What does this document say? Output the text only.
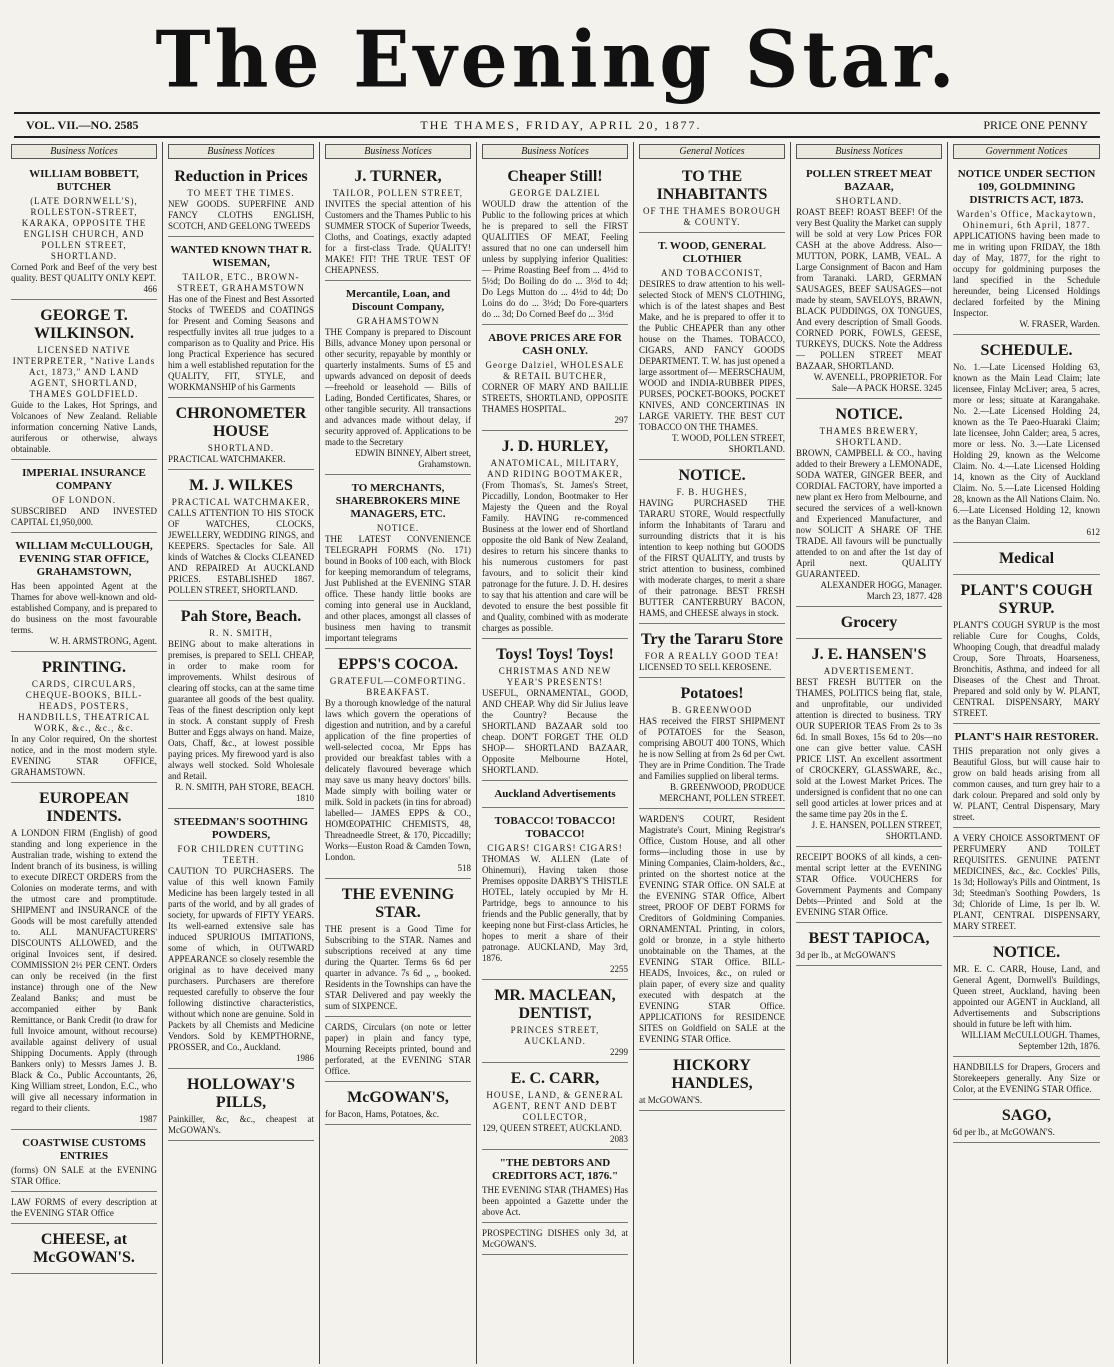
The Evening Star.
VOL. VII.—NO. 2585	THE THAMES, FRIDAY, APRIL 20, 1877.	PRICE ONE PENNY
Business Notices
WILLIAM BOBBETT, BUTCHER
(LATE DORNWELL'S), ROLLESTON-STREET, KARAKA, OPPOSITE THE ENGLISH CHURCH, AND POLLEN STREET, SHORTLAND.
Corned Pork and Beef of the very best quality. BEST QUALITY ONLY KEPT.
466
GEORGE T. WILKINSON.
LICENSED NATIVE INTERPRETER, "Native Lands Act, 1873," AND LAND AGENT, SHORTLAND, THAMES GOLDFIELD.
Guide to the Lakes, Hot Springs, and Volcanoes of New Zealand. Reliable information concerning Native Lands, auriferous or otherwise, always obtainable.
IMPERIAL INSURANCE COMPANY
OF LONDON.
SUBSCRIBED AND INVESTED CAPITAL £1,950,000.
WILLIAM McCULLOUGH, EVENING STAR OFFICE, GRAHAMSTOWN,
Has been appointed Agent at the Thames for above well-known and old-established Company, and is prepared to do business on the most favourable terms.
W. H. ARMSTRONG, Agent.
PRINTING.
CARDS, CIRCULARS, CHEQUE-BOOKS, BILL-HEADS, POSTERS, HANDBILLS, THEATRICAL WORK, &c., &c., &c.
In any Color required, On the shortest notice, and in the most modern style. EVENING STAR OFFICE, GRAHAMSTOWN.
EUROPEAN INDENTS.
A LONDON FIRM (English) of good standing and long experience in the Australian trade, wishing to extend the Indent branch of its business, is willing to execute DIRECT ORDERS from the Colonies on moderate terms, and with the utmost care and promptitude. SHIPMENT and INSURANCE of the Goods will be most carefully attended to. ALL MANUFACTURERS' DISCOUNTS ALLOWED, and the original Invoices sent, if desired. COMMISSION 2½ PER CENT. Orders can only be received (in the first instance) through one of the New Zealand Banks; and must be accompanied either by Bank Remittance, or Bank Credit (to draw for full Invoice amount, without recourse) available against delivery of usual Shipping Documents. Apply (through Bankers only) to Messrs James J. B. Black & Co., Public Accountants, 26, King William street, London, E.C., who will give all necessary information in regard to their clients.
1987
COASTWISE CUSTOMS ENTRIES
(forms) ON SALE at the EVENING STAR Office.
LAW FORMS of every description at the EVENING STAR Office
CHEESE, at McGOWAN'S.
Business Notices
Reduction in Prices
TO MEET THE TIMES.
NEW GOODS. SUPERFINE AND FANCY CLOTHS ENGLISH, SCOTCH, AND GEELONG TWEEDS
WANTED KNOWN THAT R. WISEMAN,
TAILOR, ETC., BROWN-STREET, GRAHAMSTOWN
Has one of the Finest and Best Assorted Stocks of TWEEDS and COATINGS for Present and Coming Seasons and respectfully invites all true judges to a comparison as to Quality and Price. His long Practical Experience has secured him a well established reputation for the QUALITY, FIT, STYLE, and WORKMANSHIP of his Garments
CHRONOMETER HOUSE
SHORTLAND.
PRACTICAL WATCHMAKER.
M. J. WILKES
PRACTICAL WATCHMAKER,
CALLS ATTENTION TO HIS STOCK OF WATCHES, CLOCKS, JEWELLERY, WEDDING RINGS, and KEEPERS. Spectacles for Sale. All kinds of Watches & Clocks CLEANED AND REPAIRED At AUCKLAND PRICES. ESTABLISHED 1867. POLLEN STREET, SHORTLAND.
Pah Store, Beach.
R. N. SMITH,
BEING about to make alterations in premises, is prepared to SELL CHEAP, in order to make room for improvements. Whilst desirous of clearing off stocks, can at the same time guarantee all goods of the best quality. Teas of the finest description only kept in stock. A constant supply of Fresh Butter and Eggs always on hand. Maize, Oats, Chaff, &c., at lowest possible paying prices. My firewood yard is also always well stocked. Sold Wholesale and Retail.
R. N. SMITH, PAH STORE, BEACH. 1810
STEEDMAN'S SOOTHING POWDERS,
FOR CHILDREN CUTTING TEETH.
CAUTION TO PURCHASERS. The value of this well known Family Medicine has been largely tested in all parts of the world, and by all grades of society, for upwards of FIFTY YEARS. Its well-earned extensive sale has induced SPURIOUS IMITATIONS, some of which, in OUTWARD APPEARANCE so closely resemble the original as to have deceived many purchasers. Purchasers are therefore requested carefully to observe the four following distinctive characteristics, without which none are genuine. Sold in Packets by all Chemists and Medicine Vendors. Sold by KEMPTHORNE, PROSSER, and Co., Auckland.
1986
HOLLOWAY'S PILLS,
Painkiller, &c, &c., cheapest at McGOWAN's.
Business Notices
J. TURNER,
TAILOR, POLLEN STREET,
INVITES the special attention of his Customers and the Thames Public to his SUMMER STOCK of Superior Tweeds, Cloths, and Coatings, exactly adapted for a first-class Trade. QUALITY! MAKE! FIT! THE TRUE TEST OF CHEAPNESS.
Mercantile, Loan, and Discount Company,
GRAHAMSTOWN
THE Company is prepared to Discount Bills, advance Money upon personal or other security, repayable by monthly or quarterly instalments. Sums of £5 and upwards advanced on deposit of deeds—freehold or leasehold — Bills of Lading, Bonded Certificates, Shares, or other tangible security. All transactions and advances made without delay, if security approved of. Applications to be made to the Secretary
EDWIN BINNEY, Albert street, Grahamstown.
TO MERCHANTS, SHAREBROKERS MINE MANAGERS, ETC.
NOTICE.
THE LATEST CONVENIENCE TELEGRAPH FORMS (No. 171) bound in Books of 100 each, with Block for keeping memorandum of telegrams, Just Published at the EVENING STAR office. These handy little books are coming into general use in Auckland, and other places, amongst all classes of business men having to transmit important telegrams
EPPS'S COCOA.
GRATEFUL—COMFORTING. BREAKFAST.
By a thorough knowledge of the natural laws which govern the operations of digestion and nutrition, and by a careful application of the fine properties of well-selected cocoa, Mr Epps has provided our breakfast tables with a delicately flavoured beverage which may save us many heavy doctors' bills. Made simply with boiling water or milk. Sold in packets (in tins for abroad) labelled— JAMES EPPS & CO., HOMŒOPATHIC CHEMISTS, 48, Threadneedle Street, & 170, Piccadilly; Works—Euston Road & Camden Town, London.
518
THE EVENING STAR.
THE present is a Good Time for Subscribing to the STAR. Names and subscriptions received at any time during the Quarter. Terms 6s 6d per quarter in advance. 7s 6d „ „ booked. Residents in the Townships can have the STAR Delivered and pay weekly the sum of SIXPENCE.
CARDS, Circulars (on note or letter paper) in plain and fancy type, Mourning Receipts printed, bound and perforated, at the EVENING STAR Office.
McGOWAN'S,
for Bacon, Hams, Potatoes, &c.
Business Notices
Cheaper Still!
GEORGE DALZIEL
WOULD draw the attention of the Public to the following prices at which he is prepared to sell the FIRST QUALITIES OF MEAT, Feeling assured that no one can undersell him unless by supplying inferior Qualities:— Prime Roasting Beef from ... 4½d to 5½d; Do Boiling do do ... 3½d to 4d; Do Legs Mutton do ... 4½d to 4d; Do Loins do do ... 3½d; Do Fore-quarters do ... 3d; Do Corned Beef do ... 3½d
ABOVE PRICES ARE FOR CASH ONLY.
George Dalziel, WHOLESALE & RETAIL BUTCHER,
CORNER OF MARY AND BAILLIE STREETS, SHORTLAND, OPPOSITE THAMES HOSPITAL.
297
J. D. HURLEY,
ANATOMICAL, MILITARY, AND RIDING BOOTMAKER,
(From Thomas's, St. James's Street, Piccadilly, London, Bootmaker to Her Majesty the Queen and the Royal Family. HAVING re-commenced Business at the lower end of Shortland opposite the old Bank of New Zealand, desires to return his sincere thanks to his numerous customers for past favours, and to solicit their kind patronage for the future. J. D. H. desires to say that his attention and care will be devoted to ensure the best possible fit and Quality, combined with as moderate charges as possible.
Toys! Toys! Toys!
CHRISTMAS AND NEW YEAR'S PRESENTS!
USEFUL, ORNAMENTAL, GOOD, AND CHEAP. Why did Sir Julius leave the Country? Because the SHORTLAND BAZAAR sold too cheap. DON'T FORGET THE OLD SHOP— SHORTLAND BAZAAR, Opposite Melbourne Hotel, SHORTLAND.
Auckland Advertisements
TOBACCO! TOBACCO! TOBACCO!
CIGARS! CIGARS! CIGARS!
THOMAS W. ALLEN (Late of Ohinemuri), Having taken those Premises opposite DARBY'S THISTLE HOTEL, lately occupied by Mr H. Partridge, begs to announce to his friends and the Public generally, that by keeping none but First-class Articles, he hopes to merit a share of their patronage. AUCKLAND, May 3rd, 1876.
2255
MR. MACLEAN, DENTIST,
PRINCES STREET, AUCKLAND.
2299
E. C. CARR,
HOUSE, LAND, & GENERAL AGENT, RENT AND DEBT COLLECTOR,
129, QUEEN STREET, AUCKLAND.
2083
"THE DEBTORS AND CREDITORS ACT, 1876."
THE EVENING STAR (THAMES) Has been appointed a Gazette under the above Act.
PROSPECTING DISHES only 3d, at McGOWAN'S.
General Notices
TO THE INHABITANTS
OF THE THAMES BOROUGH & COUNTY.
T. WOOD, GENERAL CLOTHIER
AND TOBACCONIST,
DESIRES to draw attention to his well-selected Stock of MEN'S CLOTHING, which is of the latest shapes and Best Make, and he is prepared to offer it to the Public CHEAPER than any other house on the Thames. TOBACCO, CIGARS, AND FANCY GOODS DEPARTMENT. T. W. has just opened a large assortment of— MEERSCHAUM, WOOD and INDIA-RUBBER PIPES, PURSES, POCKET-BOOKS, POCKET KNIVES, AND CONCERTINAS IN LARGE VARIETY. THE BEST CUT TOBACCO ON THE THAMES.
T. WOOD, POLLEN STREET, SHORTLAND.
NOTICE.
F. B. HUGHES,
HAVING PURCHASED THE TARARU STORE, Would respectfully inform the Inhabitants of Tararu and surrounding districts that it is his intention to keep nothing but GOODS of the FIRST QUALITY, and trusts by strict attention to business, combined with moderate charges, to merit a share of their patronage. BEST FRESH BUTTER CANTERBURY BACON, HAMS, and CHEESE always in stock.
Try the Tararu Store
FOR A REALLY GOOD TEA!
LICENSED TO SELL KEROSENE.
Potatoes!
B. GREENWOOD
HAS received the FIRST SHIPMENT of POTATOES for the Season, comprising ABOUT 400 TONS, Which he is now Selling at from 2s 6d per Cwt. They are in Prime Condition. The Trade and Families supplied on liberal terms.
B. GREENWOOD, PRODUCE MERCHANT, POLLEN STREET.
WARDEN'S COURT, Resident Magistrate's Court, Mining Registrar's Office, Custom House, and all other forms—including those in use by Mining Companies, Claim-holders, &c., printed on the shortest notice at the EVENING STAR Office. ON SALE at the EVENING STAR Office, Albert street, PROOF OF DEBT FORMS for Creditors of Goldmining Companies. ORNAMENTAL Printing, in colors, gold or bronze, in a style hitherto unobtainable on the Thames, at the EVENING STAR Office. BILL-HEADS, Invoices, &c., on ruled or plain paper, of every size and quality executed with despatch at the EVENING STAR Office. APPLICATIONS for RESIDENCE SITES on Goldfield on SALE at the EVENING STAR Office.
HICKORY HANDLES,
at McGOWAN'S.
Business Notices
POLLEN STREET MEAT BAZAAR,
SHORTLAND.
ROAST BEEF! ROAST BEEF! Of the very Best Quality the Market can supply will be sold at very Low Prices FOR CASH at the above Address. Also—MUTTON, PORK, LAMB, VEAL. A Large Consignment of Bacon and Ham from Taranaki. LARD, GERMAN SAUSAGES, BEEF SAUSAGES—not made by steam, SAVELOYS, BRAWN, BLACK PUDDINGS, OX TONGUES, And every description of Small Goods. CORNED PORK, FOWLS, GEESE, TURKEYS, DUCKS. Note the Address— POLLEN STREET MEAT BAZAAR, SHORTLAND.
W. AVENELL, PROPRIETOR. For Sale—A PACK HORSE. 3245
NOTICE.
THAMES BREWERY, SHORTLAND.
BROWN, CAMPBELL & CO., having added to their Brewery a LEMONADE, SODA WATER, GINGER BEER, and CORDIAL FACTORY, have imported a new plant ex Hero from Melbourne, and secured the services of a well-known and Experienced Manufacturer, and now SOLICIT A SHARE OF THE TRADE. All favours will be punctually attended to on and after the 1st day of April next. QUALITY GUARANTEED.
ALEXANDER HOGG, Manager. March 23, 1877. 428
Grocery
J. E. HANSEN'S
ADVERTISEMENT.
BEST FRESH BUTTER on the THAMES, POLITICS being flat, stale, and unprofitable, our undivided attention is directed to business. TRY OUR SUPERIOR TEAS From 2s to 3s 6d. In small Boxes, 15s 6d to 20s—no one can give better value. CASH PRICE LIST. An excellent assortment of CROCKERY, GLASSWARE, &c., sold at the Lowest Market Prices. The undersigned is confident that no one can sell good articles at lower prices and at the same time pay 20s in the £.
J. E. HANSEN, POLLEN STREET, SHORTLAND.
RECEIPT BOOKS of all kinds, a cenmental script letter at the EVENING STAR Office. VOUCHERS for Government Payments and Company Debts—Printed and Sold at the EVENING STAR Office.
BEST TAPIOCA,
3d per lb., at McGOWAN'S
Government Notices
NOTICE UNDER SECTION 109, GOLDMINING DISTRICTS ACT, 1873.
Warden's Office, Mackaytown, Ohinemuri, 6th April, 1877.
APPLICATIONS having been made to me in writing upon FRIDAY, the 18th day of May, 1877, for the right to occupy for goldmining purposes the land specified in the Schedule hereunder, being Licensed Holdings declared forfeited by the Mining Inspector.
W. FRASER, Warden.
SCHEDULE.
No. 1.—Late Licensed Holding 63, known as the Main Lead Claim; late licensee, Finlay McLiver; area, 5 acres, more or less; situate at Karangahake. No. 2.—Late Licensed Holding 24, known as the Te Paeo-Huaraki Claim; late licensee, John Calder; area, 5 acres, more or less. No. 3.—Late Licensed Holding 29, known as the Welcome Claim. No. 4.—Late Licensed Holding 14, known as the City of Auckland Claim. No. 5.—Late Licensed Holding 28, known as the All Nations Claim. No. 6.—Late Licensed Holding 12, known as the Banyan Claim.
612
Medical
PLANT'S COUGH SYRUP.
PLANT'S COUGH SYRUP is the most reliable Cure for Coughs, Colds, Whooping Cough, that dreadful malady Croup, Sore Throats, Hoarseness, Bronchitis, Asthma, and indeed for all Diseases of the Chest and Throat. Prepared and sold only by W. PLANT, CENTRAL DISPENSARY, MARY STREET.
PLANT'S HAIR RESTORER.
THIS preparation not only gives a Beautiful Gloss, but will cause hair to grow on bald heads arising from all common causes, and turn grey hair to a dark colour. Prepared and sold only by W. PLANT, Central Dispensary, Mary street.
A VERY CHOICE ASSORTMENT OF PERFUMERY AND TOILET REQUISITES. GENUINE PATENT MEDICINES, &c., &c. Cockles' Pills, 1s 3d; Holloway's Pills and Ointment, 1s 3d; Steedman's Soothing Powders, 1s 3d; Chloride of Lime, 1s per lb. W. PLANT, CENTRAL DISPENSARY, MARY STREET.
NOTICE.
MR. E. C. CARR, House, Land, and General Agent, Dornwell's Buildings, Queen street, Auckland, having been appointed our AGENT in Auckland, all Advertisements and Subscriptions should in future be left with him.
WILLIAM McCULLOUGH. Thames, September 12th, 1876.
HANDBILLS for Drapers, Grocers and Storekeepers generally. Any Size or Color, at the EVENING STAR Office.
SAGO,
6d per lb., at McGOWAN'S.
